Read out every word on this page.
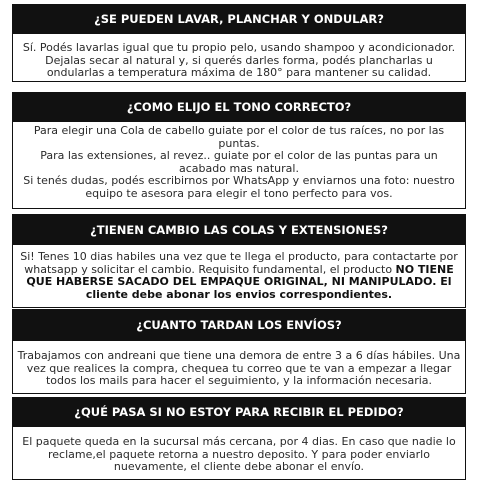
¿SE PUEDEN LAVAR, PLANCHAR Y ONDULAR?

Sí. Podés lavarlas igual que tu propio pelo, usando shampoo y acondicionador. Dejalas secar al natural y, si querés darles forma, podés plancharlas u ondularlas a temperatura máxima de 180° para mantener su calidad.

¿COMO ELIJO EL TONO CORRECTO?

Para elegir una Cola de cabello guiate por el color de tus raíces, no por las puntas.

Para las extensiones, al revez.. guiate por el color de las puntas para un acabado mas natural.

Si tenés dudas, podés escribirnos por WhatsApp y enviarnos una foto: nuestro equipo te asesora para elegir el tono perfecto para vos.

¿TIENEN CAMBIO LAS COLAS Y EXTENSIONES?

Si! Tenes 10 dias habiles una vez que te llega el producto, para contactarte por whatsapp y solicitar el cambio. Requisito fundamental, el producto NO TIENE QUE HABERSE SACADO DEL EMPAQUE ORIGINAL, NI MANIPULADO. El cliente debe abonar los envios correspondientes.

¿CUANTO TARDAN LOS ENVÍOS?

Trabajamos con andreani que tiene una demora de entre 3 a 6 días hábiles. Una vez que realices la compra, chequea tu correo que te van a empezar a llegar todos los mails para hacer el seguimiento, y la información necesaria.

¿QUÉ PASA SI NO ESTOY PARA RECIBIR EL PEDIDO?

El paquete queda en la sucursal más cercana, por 4 dias. En caso que nadie lo reclame,el paquete retorna a nuestro deposito. Y para poder enviarlo nuevamente, el cliente debe abonar el envío.
